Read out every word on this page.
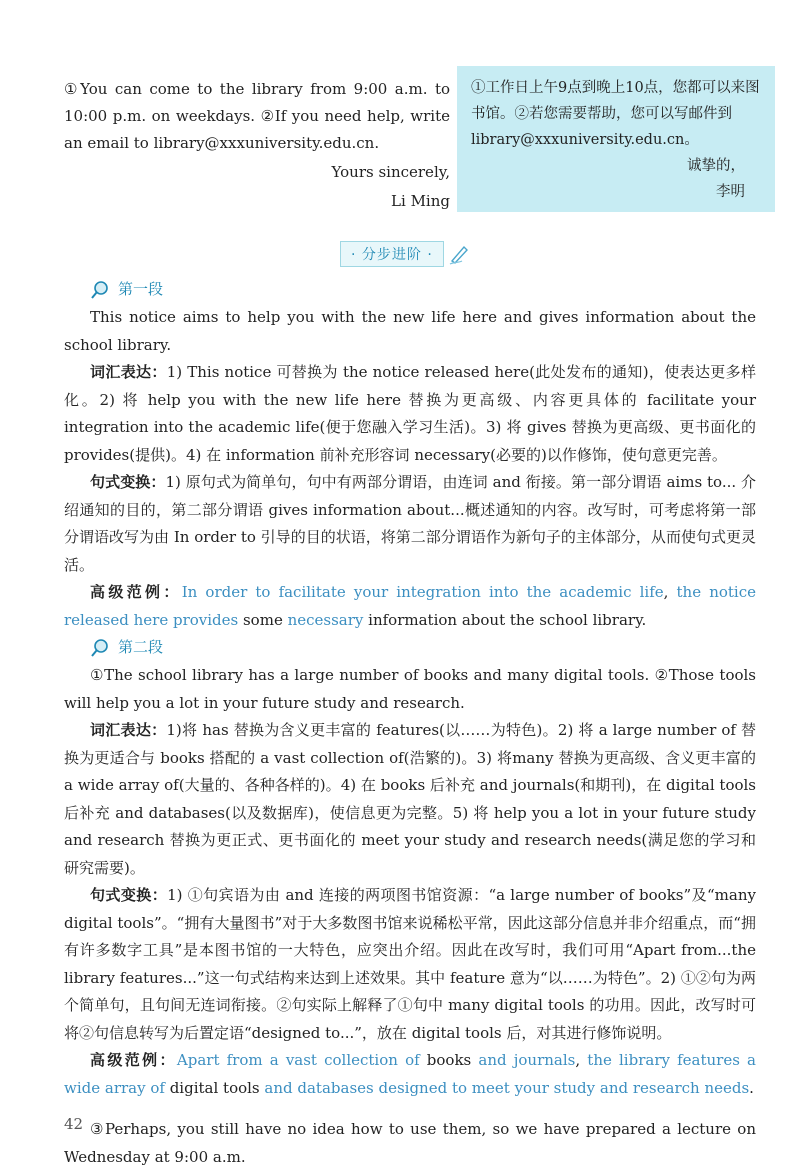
①You can come to the library from 9:00 a.m. to 10:00 p.m. on weekdays. ②If you need help, write an email to library@xxxuniversity.edu.cn.

Yours sincerely,
Li Ming

①工作日上午9点到晚上10点，您都可以来图书馆。②若您需要帮助，您可以写邮件到library@xxxuniversity.edu.cn。

诚挚的，

李明

· 分步进阶 ·
第一段

This notice aims to help you with the new life here and gives information about the school library.

词汇表达：1) This notice 可替换为 the notice released here(此处发布的通知)，使表达更多样化。2) 将 help you with the new life here 替换为更高级、内容更具体的 facilitate your integration into the academic life(便于您融入学习生活)。3) 将 gives 替换为更高级、更书面化的 provides(提供)。4) 在 information 前补充形容词 necessary(必要的)以作修饰，使句意更完善。

句式变换：1) 原句式为简单句，句中有两部分谓语，由连词 and 衔接。第一部分谓语 aims to... 介绍通知的目的，第二部分谓语 gives information about...概述通知的内容。改写时，可考虑将第一部分谓语改写为由 In order to 引导的目的状语，将第二部分谓语作为新句子的主体部分，从而使句式更灵活。

高级范例：In order to facilitate your integration into the academic life, the notice released here provides some necessary information about the school library.

第二段

①The school library has a large number of books and many digital tools. ②Those tools will help you a lot in your future study and research.

词汇表达：1)将 has 替换为含义更丰富的 features(以……为特色)。2) 将 a large number of 替换为更适合与 books 搭配的 a vast collection of(浩繁的)。3) 将many 替换为更高级、含义更丰富的 a wide array of(大量的、各种各样的)。4) 在 books 后补充 and journals(和期刊)，在 digital tools 后补充 and databases(以及数据库)，使信息更为完整。5) 将 help you a lot in your future study and research 替换为更正式、更书面化的 meet your study and research needs(满足您的学习和研究需要)。

句式变换：1) ①句宾语为由 and 连接的两项图书馆资源：“a large number of books”及“many digital tools”。“拥有大量图书”对于大多数图书馆来说稀松平常，因此这部分信息并非介绍重点，而“拥有许多数字工具”是本图书馆的一大特色，应突出介绍。因此在改写时，我们可用“Apart from...the library features...”这一句式结构来达到上述效果。其中 feature 意为“以……为特色”。2) ①②句为两个简单句，且句间无连词衔接。②句实际上解释了①句中 many digital tools 的功用。因此，改写时可将②句信息转写为后置定语“designed to...”，放在 digital tools 后，对其进行修饰说明。

高级范例：Apart from a vast collection of books and journals, the library features a wide array of digital tools and databases designed to meet your study and research needs.

③Perhaps, you still have no idea how to use them, so we have prepared a lecture on Wednesday at 9:00 a.m.

42
